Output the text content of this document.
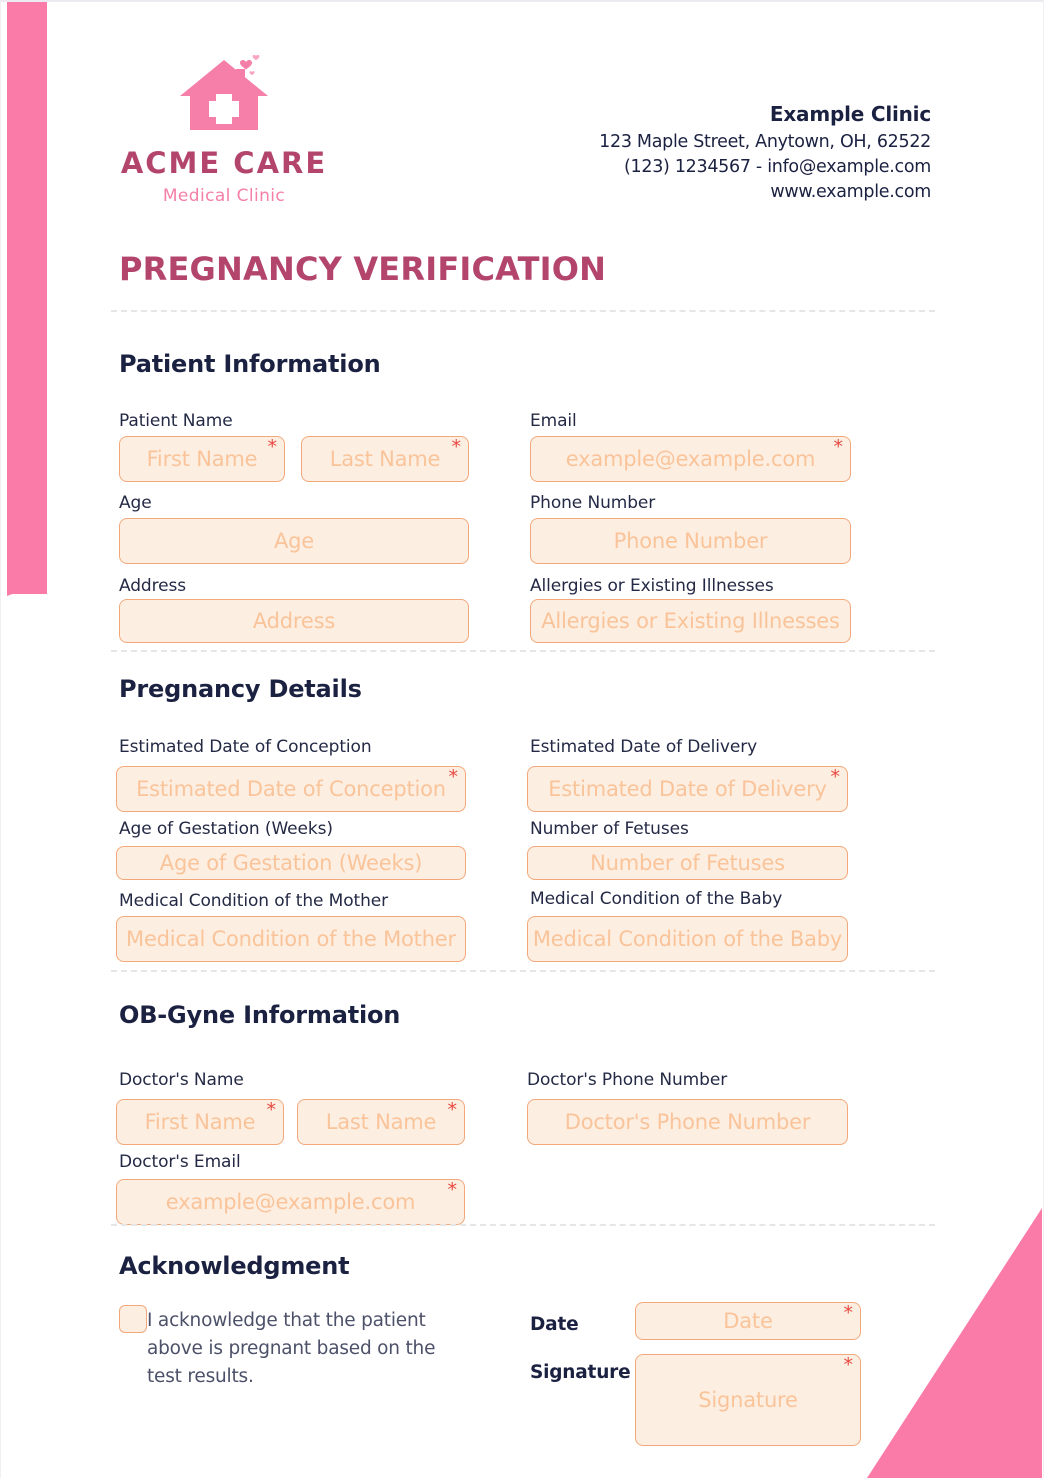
ACME CARE
Medical Clinic
Example Clinic
123 Maple Street, Anytown, OH, 62522
(123) 1234567 - info@example.com
www.example.com
PREGNANCY VERIFICATION
Patient Information
Patient Name
First Name *	Last Name *
Age
Age
Address
Address
Email
example@example.com *
Phone Number
Phone Number
Allergies or Existing Illnesses
Allergies or Existing Illnesses
Pregnancy Details
Estimated Date of Conception
Estimated Date of Conception *
Age of Gestation (Weeks)
Age of Gestation (Weeks)
Medical Condition of the Mother
Medical Condition of the Mother
Estimated Date of Delivery
Estimated Date of Delivery *
Number of Fetuses
Number of Fetuses
Medical Condition of the Baby
Medical Condition of the Baby
OB-Gyne Information
Doctor's Name
First Name * Last Name *
Doctor's Email
example@example.com *
Doctor's Phone Number
Doctor's Phone Number
Acknowledgment
I acknowledge that the patient above is pregnant based on the test results.
Date	Date	*
Signature
Signature
*
